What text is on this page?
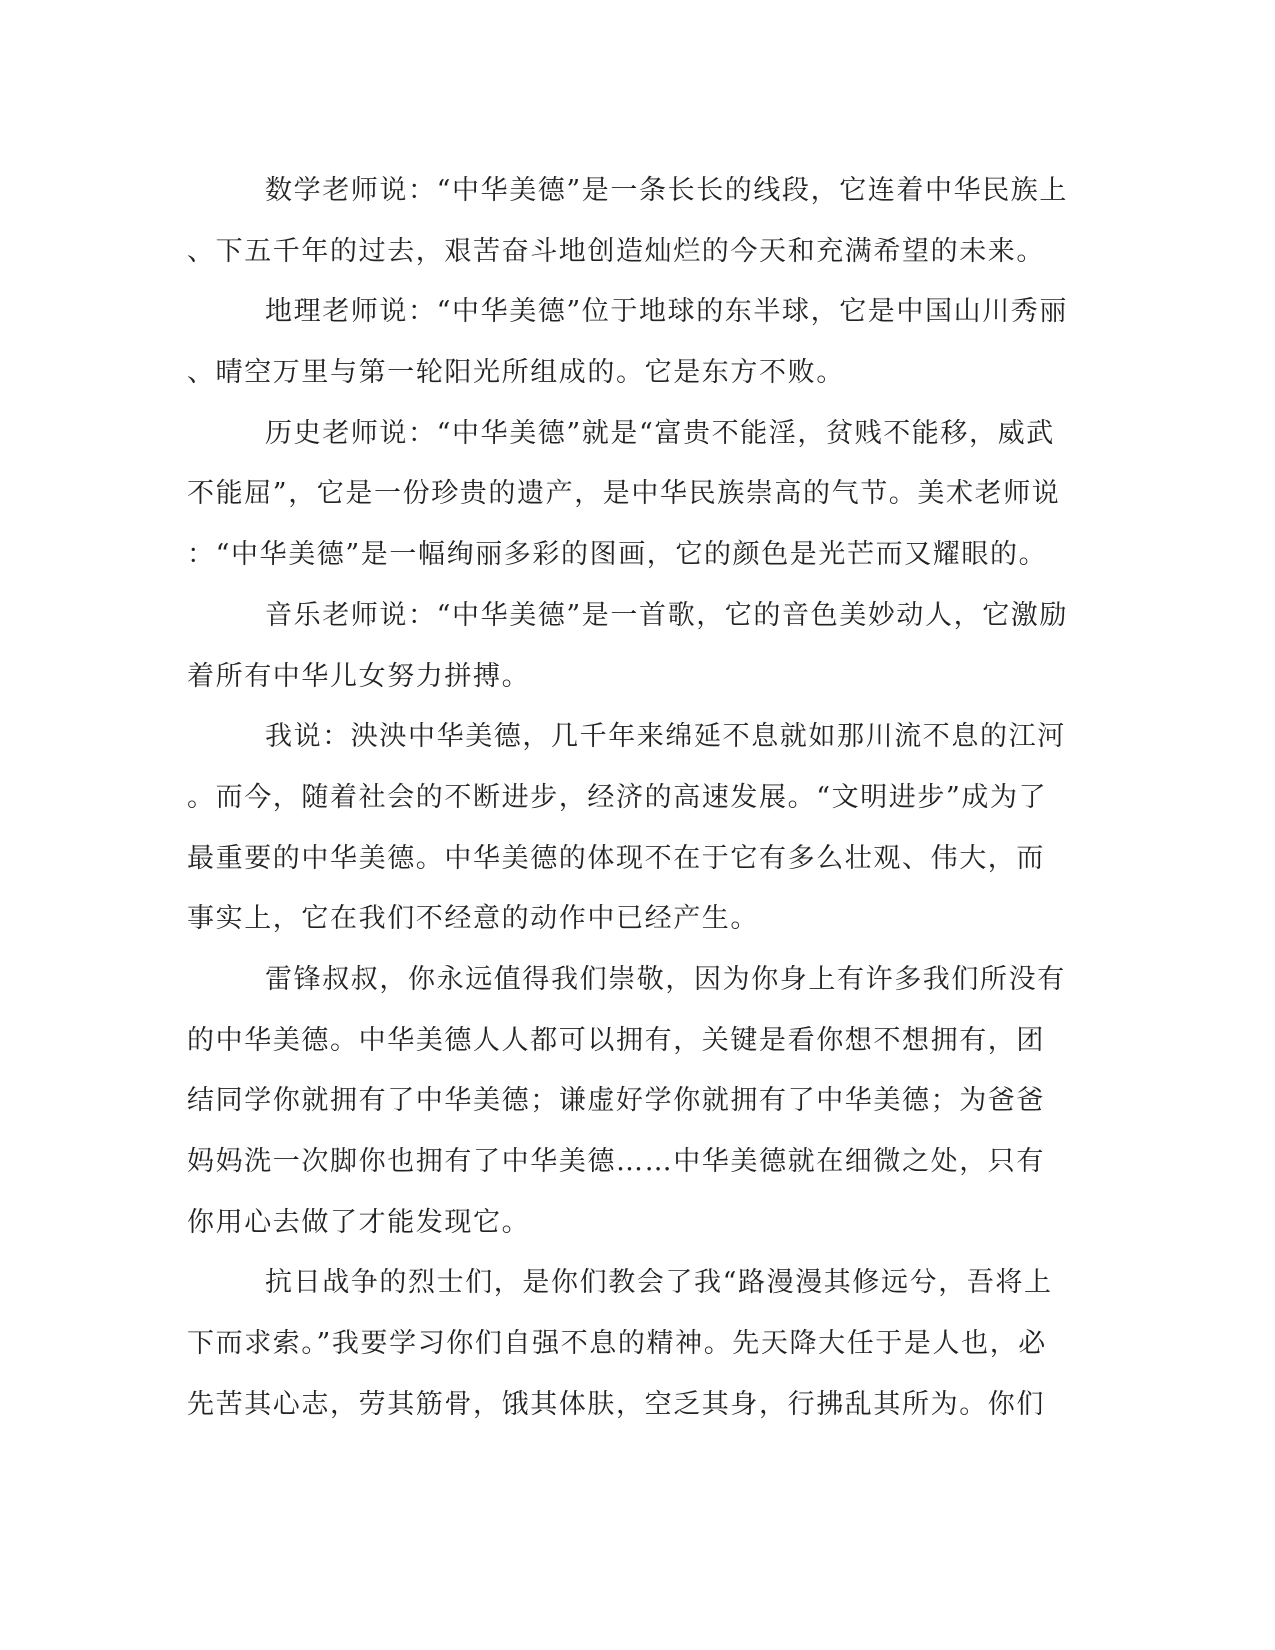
数学老师说：“中华美德”是一条长长的线段，它连着中华民族上
、下五千年的过去，艰苦奋斗地创造灿烂的今天和充满希望的未来。
地理老师说：“中华美德”位于地球的东半球，它是中国山川秀丽
、晴空万里与第一轮阳光所组成的。它是东方不败。
历史老师说：“中华美德”就是“富贵不能淫，贫贱不能移，威武
不能屈”，它是一份珍贵的遗产，是中华民族崇高的气节。美术老师说
：“中华美德”是一幅绚丽多彩的图画，它的颜色是光芒而又耀眼的。
音乐老师说：“中华美德”是一首歌，它的音色美妙动人，它激励
着所有中华儿女努力拼搏。
我说：泱泱中华美德，几千年来绵延不息就如那川流不息的江河
。而今，随着社会的不断进步，经济的高速发展。“文明进步”成为了
最重要的中华美德。中华美德的体现不在于它有多么壮观、伟大，而
事实上，它在我们不经意的动作中已经产生。
雷锋叔叔，你永远值得我们崇敬，因为你身上有许多我们所没有
的中华美德。中华美德人人都可以拥有，关键是看你想不想拥有，团
结同学你就拥有了中华美德；谦虚好学你就拥有了中华美德；为爸爸
妈妈洗一次脚你也拥有了中华美德……中华美德就在细微之处，只有
你用心去做了才能发现它。
抗日战争的烈士们，是你们教会了我“路漫漫其修远兮，吾将上
下而求索。”我要学习你们自强不息的精神。先天降大任于是人也，必
先苦其心志，劳其筋骨，饿其体肤，空乏其身，行拂乱其所为。你们
